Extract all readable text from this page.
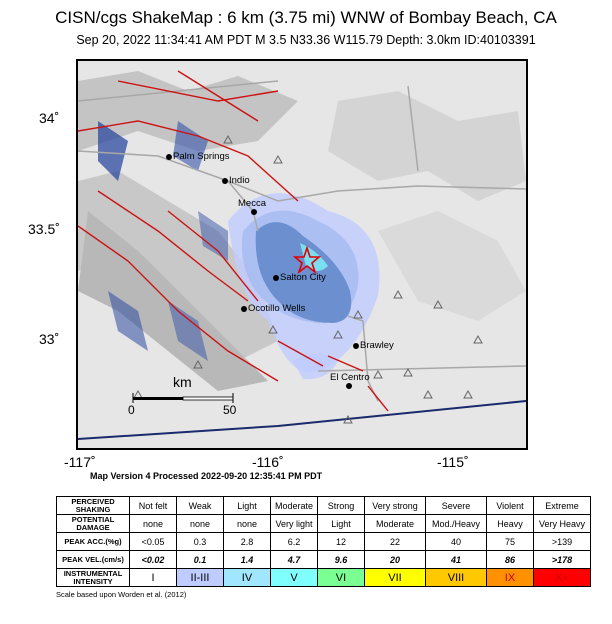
CISN/cgs ShakeMap : 6 km (3.75 mi) WNW of Bombay Beach, CA
Sep 20, 2022 11:34:41 AM PDT M 3.5 N33.36 W115.79 Depth: 3.0km ID:40103391
Palm Springs
Indio
Mecca
Salton City
Ocotillo Wells
Brawley
El Centro
km
0	50
34˚
33.5˚
33˚
-117˚	-116˚	-115˚
Map Version 4 Processed 2022-09-20 12:35:41 PM PDT
PERCEIVED SHAKING	Not felt	Weak	Light	Moderate	Strong	Very strong	Severe	Violent	Extreme
POTENTIAL DAMAGE	none	none	none	Very light	Light	Moderate	Mod./Heavy	Heavy	Very Heavy
PEAK ACC.(%g)	<0.05	0.3	2.8	6.2	12	22	40	75	>139
PEAK VEL.(cm/s)	<0.02	0.1	1.4	4.7	9.6	20	41	86	>178
INSTRUMENTAL INTENSITY	I	II-III	IV	V	VI	VII	VIII	IX	X+
Scale based upon Worden et al. (2012)
